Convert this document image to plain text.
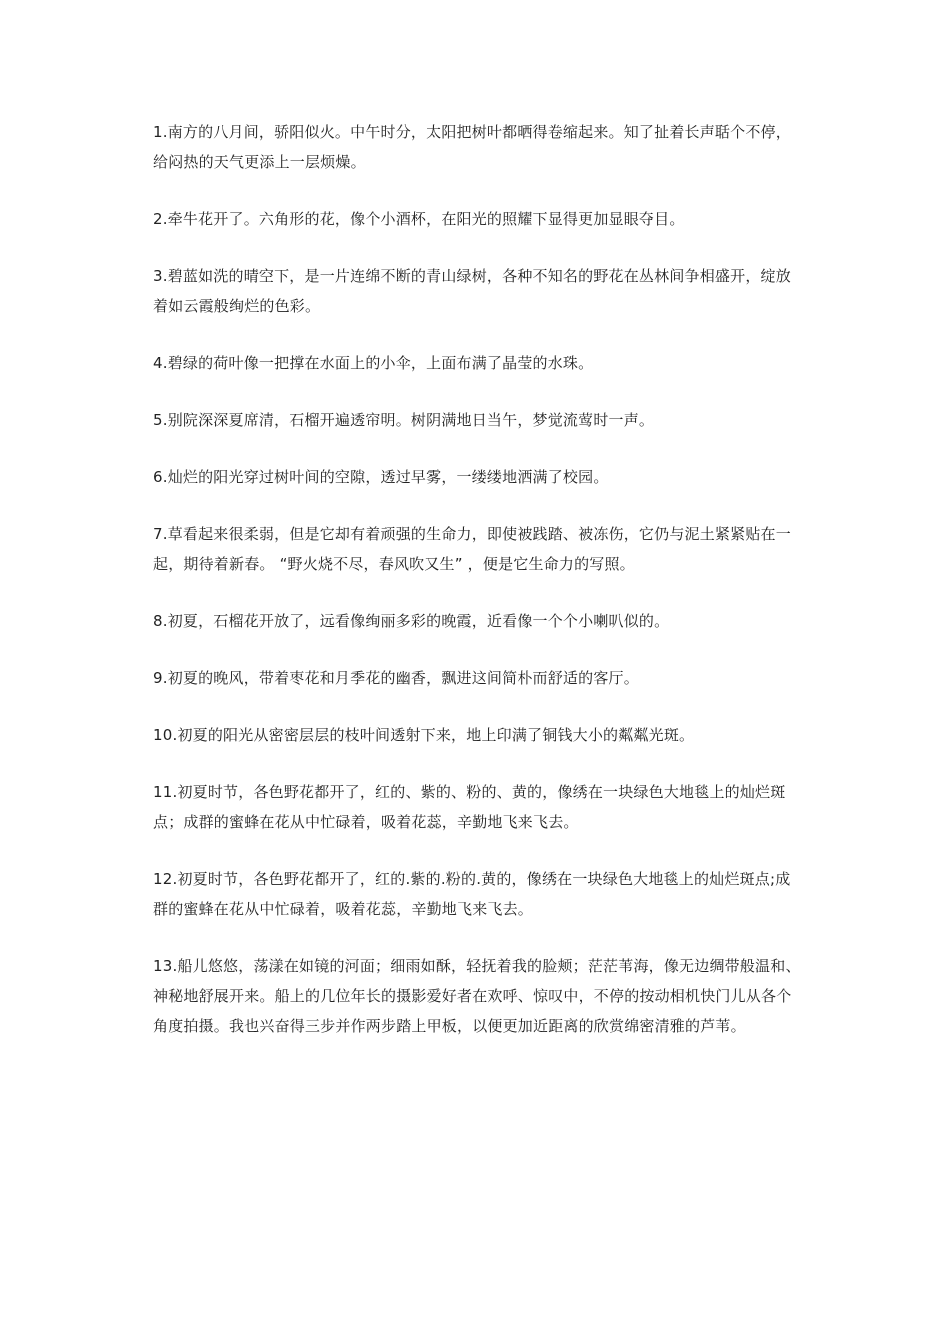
1.南方的八月间，骄阳似火。中午时分，太阳把树叶都晒得卷缩起来。知了扯着长声聒个不停，给闷热的天气更添上一层烦燥。

2.牵牛花开了。六角形的花，像个小酒杯，在阳光的照耀下显得更加显眼夺目。

3.碧蓝如洗的晴空下，是一片连绵不断的青山绿树，各种不知名的野花在丛林间争相盛开，绽放着如云霞般绚烂的色彩。

4.碧绿的荷叶像一把撑在水面上的小伞，上面布满了晶莹的水珠。

5.别院深深夏席清，石榴开遍透帘明。树阴满地日当午，梦觉流莺时一声。

6.灿烂的阳光穿过树叶间的空隙，透过早雾，一缕缕地洒满了校园。

7.草看起来很柔弱，但是它却有着顽强的生命力，即使被践踏、被冻伤，它仍与泥土紧紧贴在一起，期待着新春。 “野火烧不尽，春风吹又生” ，便是它生命力的写照。

8.初夏，石榴花开放了，远看像绚丽多彩的晚霞，近看像一个个小喇叭似的。

9.初夏的晚风，带着枣花和月季花的幽香，飘进这间简朴而舒适的客厅。

10.初夏的阳光从密密层层的枝叶间透射下来，地上印满了铜钱大小的粼粼光斑。

11.初夏时节，各色野花都开了，红的、紫的、粉的、黄的，像绣在一块绿色大地毯上的灿烂斑点；成群的蜜蜂在花从中忙碌着，吸着花蕊，辛勤地飞来飞去。

12.初夏时节，各色野花都开了，红的.紫的.粉的.黄的，像绣在一块绿色大地毯上的灿烂斑点;成群的蜜蜂在花从中忙碌着，吸着花蕊，辛勤地飞来飞去。

13.船儿悠悠，荡漾在如镜的河面；细雨如酥，轻抚着我的脸颊；茫茫苇海，像无边绸带般温和、神秘地舒展开来。船上的几位年长的摄影爱好者在欢呼、惊叹中，不停的按动相机快门儿从各个角度拍摄。我也兴奋得三步并作两步踏上甲板，以便更加近距离的欣赏绵密清雅的芦苇。
